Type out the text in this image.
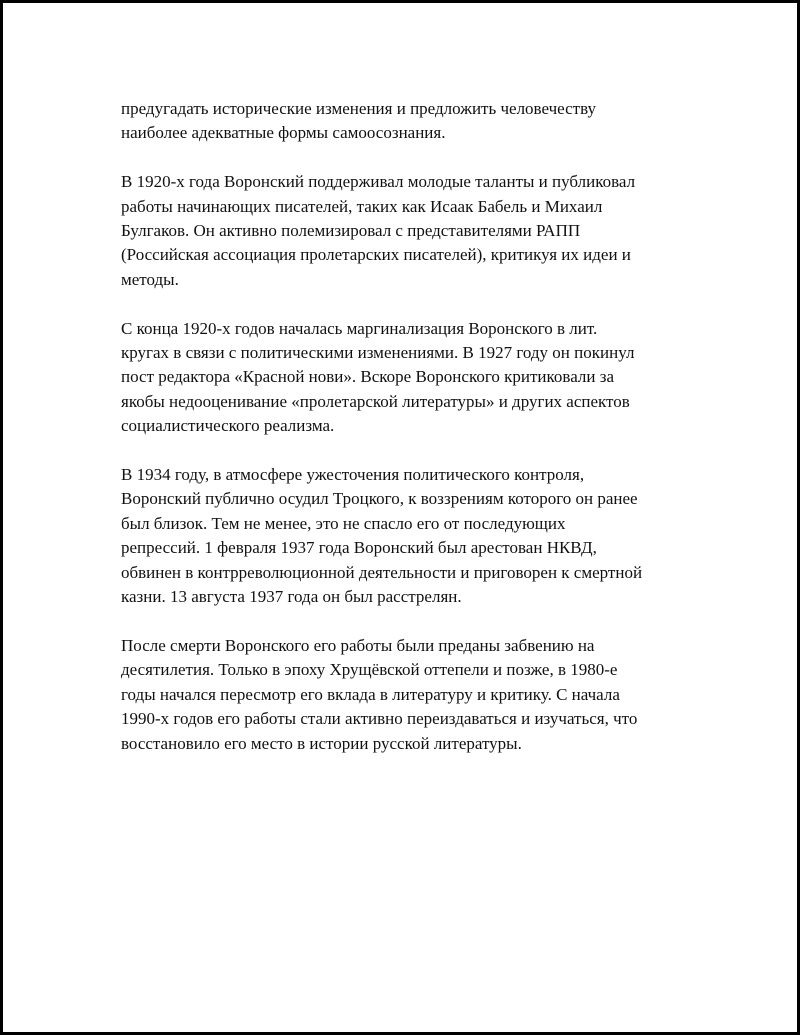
предугадать исторические изменения и предложить человечеству
наиболее адекватные формы самоосознания.

В 1920-х года Воронский поддерживал молодые таланты и публиковал
работы начинающих писателей, таких как Исаак Бабель и Михаил
Булгаков. Он активно полемизировал с представителями РАПП
(Российская ассоциация пролетарских писателей), критикуя их идеи и
методы.

С конца 1920-х годов началась маргинализация Воронского в лит.
кругах в связи с политическими изменениями. В 1927 году он покинул
пост редактора «Красной нови». Вскоре Воронского критиковали за
якобы недооценивание «пролетарской литературы» и других аспектов
социалистического реализма.

В 1934 году, в атмосфере ужесточения политического контроля,
Воронский публично осудил Троцкого, к воззрениям которого он ранее
был близок. Тем не менее, это не спасло его от последующих
репрессий. 1 февраля 1937 года Воронский был арестован НКВД,
обвинен в контрреволюционной деятельности и приговорен к смертной
казни. 13 августа 1937 года он был расстрелян.

После смерти Воронского его работы были преданы забвению на
десятилетия. Только в эпоху Хрущёвской оттепели и позже, в 1980-е
годы начался пересмотр его вклада в литературу и критику. С начала
1990-х годов его работы стали активно переиздаваться и изучаться, что
восстановило его место в истории русской литературы.
